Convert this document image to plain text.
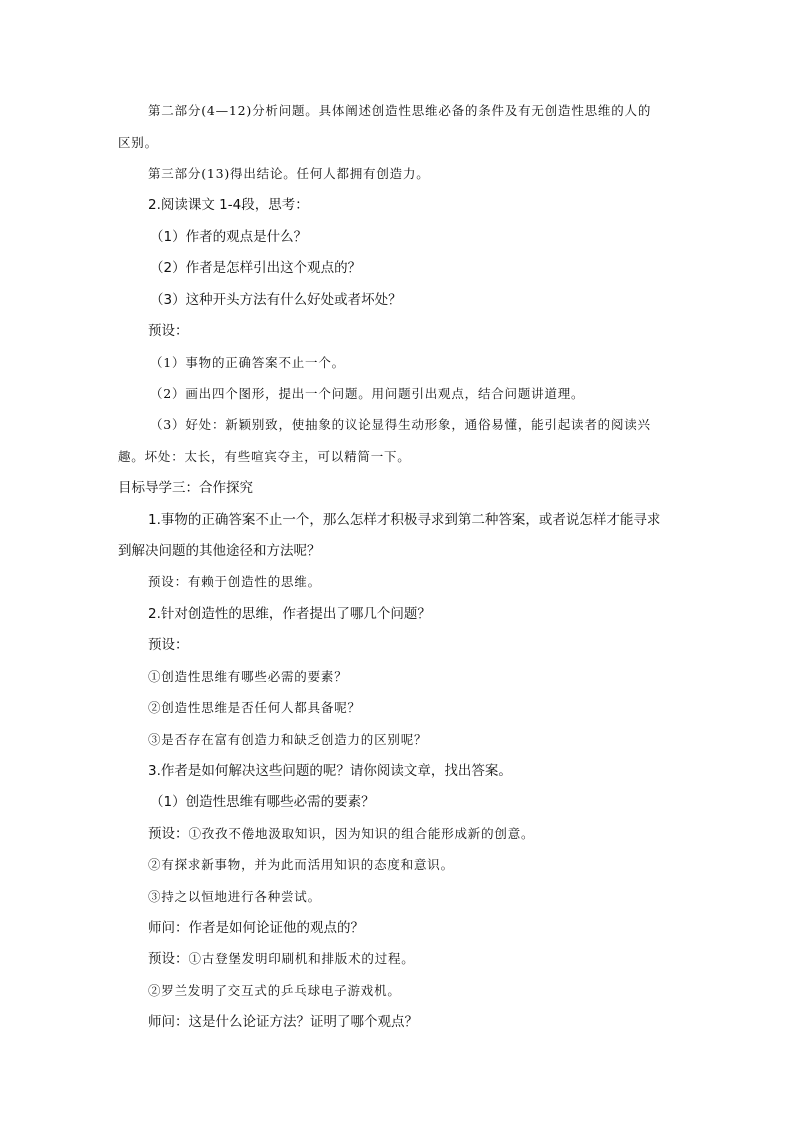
第二部分(4—12)分析问题。具体阐述创造性思维必备的条件及有无创造性思维的人的
区别。
第三部分(13)得出结论。任何人都拥有创造力。
2.阅读课文 1-4段，思考：
（1）作者的观点是什么？
（2）作者是怎样引出这个观点的？
（3）这种开头方法有什么好处或者坏处？
预设：
（1）事物的正确答案不止一个。
（2）画出四个图形，提出一个问题。用问题引出观点，结合问题讲道理。
（3）好处：新颖别致，使抽象的议论显得生动形象，通俗易懂，能引起读者的阅读兴
趣。坏处：太长，有些喧宾夺主，可以精简一下。
目标导学三：合作探究
1.事物的正确答案不止一个，那么怎样才积极寻求到第二种答案，或者说怎样才能寻求
到解决问题的其他途径和方法呢？
预设：有赖于创造性的思维。
2.针对创造性的思维，作者提出了哪几个问题？
预设：
①创造性思维有哪些必需的要素？
②创造性思维是否任何人都具备呢？
③是否存在富有创造力和缺乏创造力的区别呢？
3.作者是如何解决这些问题的呢？请你阅读文章，找出答案。
（1）创造性思维有哪些必需的要素？
预设：①孜孜不倦地汲取知识，因为知识的组合能形成新的创意。
②有探求新事物，并为此而活用知识的态度和意识。
③持之以恒地进行各种尝试。
师问：作者是如何论证他的观点的？
预设：①古登堡发明印刷机和排版术的过程。
②罗兰发明了交互式的乒乓球电子游戏机。
师问：这是什么论证方法？证明了哪个观点？
